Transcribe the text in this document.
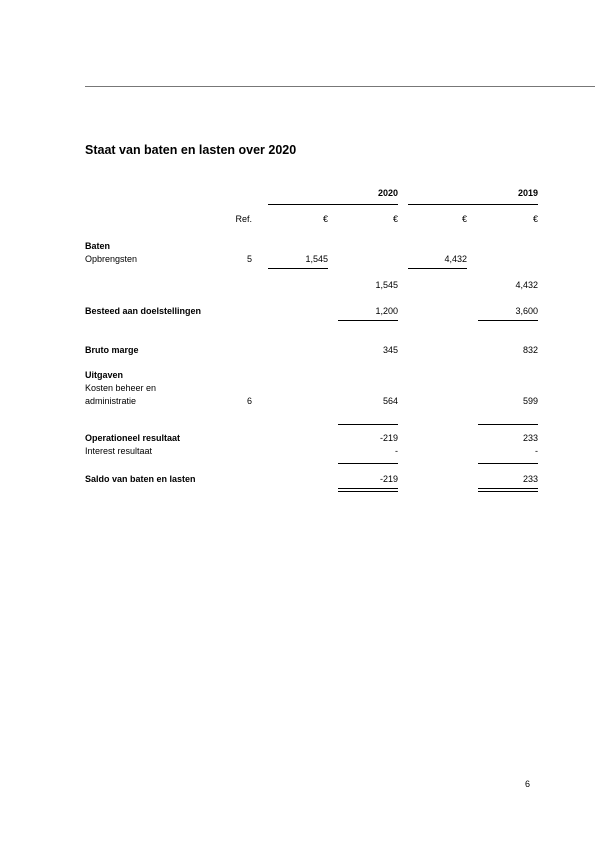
Staat van baten en lasten over 2020
2020	2019
Ref.	€	€	€	€
Baten
Opbrengsten	5	1,545	4,432
1,545	4,432
Besteed aan doelstellingen	1,200	3,600
Bruto marge	345	832
Uitgaven
Kosten beheer en
administratie	6	564	599
Operationeel resultaat	-219	233
Interest resultaat	-	-
Saldo van baten en lasten	-219	233
6
